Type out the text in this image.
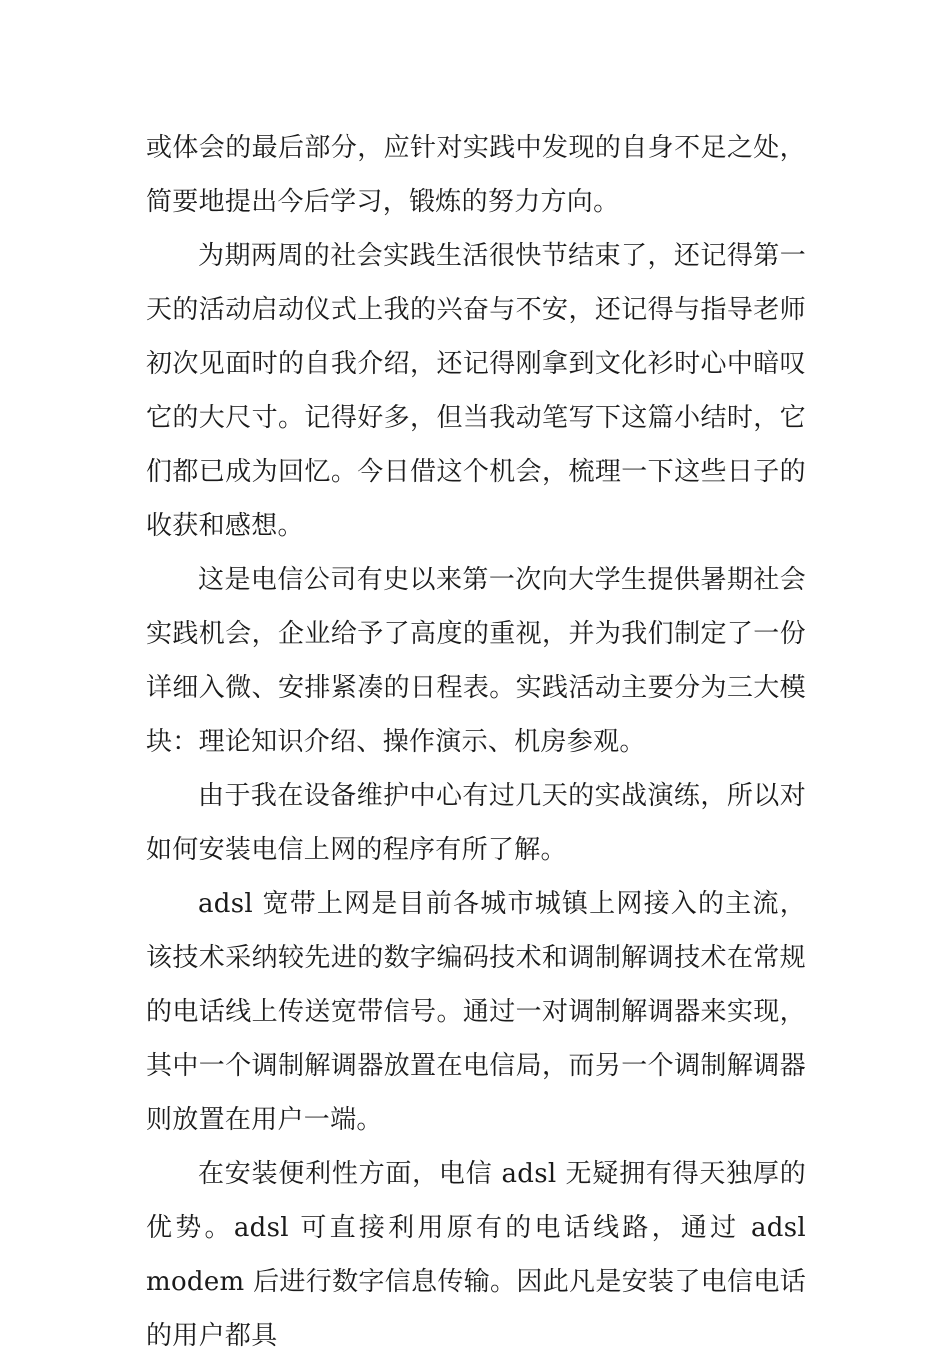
或体会的最后部分，应针对实践中发现的自身不足之处，简要地提出今后学习，锻炼的努力方向。

为期两周的社会实践生活很快节结束了，还记得第一天的活动启动仪式上我的兴奋与不安，还记得与指导老师初次见面时的自我介绍，还记得刚拿到文化衫时心中暗叹它的大尺寸。记得好多，但当我动笔写下这篇小结时，它们都已成为回忆。今日借这个机会，梳理一下这些日子的收获和感想。

这是电信公司有史以来第一次向大学生提供暑期社会实践机会，企业给予了高度的重视，并为我们制定了一份详细入微、安排紧凑的日程表。实践活动主要分为三大模块：理论知识介绍、操作演示、机房参观。

由于我在设备维护中心有过几天的实战演练，所以对如何安装电信上网的程序有所了解。

adsl 宽带上网是目前各城市城镇上网接入的主流，该技术采纳较先进的数字编码技术和调制解调技术在常规的电话线上传送宽带信号。通过一对调制解调器来实现，其中一个调制解调器放置在电信局，而另一个调制解调器则放置在用户一端。

在安装便利性方面，电信 adsl 无疑拥有得天独厚的优势。adsl 可直接利用原有的电话线路，通过 adsl modem 后进行数字信息传输。因此凡是安装了电信电话的用户都具
